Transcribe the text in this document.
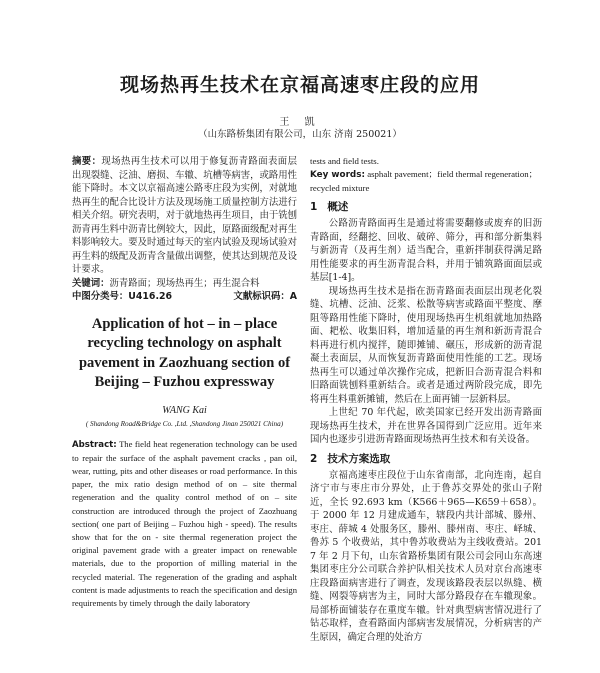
现场热再生技术在京福高速枣庄段的应用
王 凯
（山东路桥集团有限公司，山东 济南 250021）

摘要：现场热再生技术可以用于修复沥青路面表面层出现裂缝、泛油、磨损、车辙、坑槽等病害，或路用性能下降时。本文以京福高速公路枣庄段为实例，对就地热再生的配合比设计方法及现场施工质量控制方法进行相关介绍。研究表明，对于就地热再生项目，由于铣刨沥青再生料中沥青比例较大，因此，原路面级配对再生料影响较大。要及时通过每天的室内试验及现场试验对再生料的级配及沥青含量做出调整，使其达到规范及设计要求。

关键词：沥青路面；现场热再生；再生混合料
中图分类号：U416.26	文献标识码：A
Application of hot – in – place recycling technology on asphalt pavement in Zaozhuang section of Beijing – Fuzhou expressway
WANG Kai
( Shandong Road&Bridge Co. ,Ltd. ,Shandong Jinan 250021 China)

Abstract: The field heat regeneration technology can be used to repair the surface of the asphalt pavement cracks , pan oil, wear, rutting, pits and other diseases or road performance. In this paper, the mix ratio design method of on – site thermal regeneration and the quality control method of on – site construction are introduced through the project of Zaozhuang section( one part of Beijing – Fuzhou high - speed). The results show that for the on - site thermal regeneration project the original pavement grade with a greater impact on renewable materials, due to the proportion of milling material in the recycled material. The regeneration of the grading and asphalt content is made adjustments to reach the specification and design requirements by timely through the daily laboratory

tests and field tests.
Key words: asphalt pavement；field thermal regeneration；recycled mixture
1 概述

公路沥青路面再生是通过将需要翻修或废弃的旧沥青路面，经翻挖、回收、破碎、筛分，再和部分新集料与新沥青（及再生剂）适当配合，重新拌制获得满足路用性能要求的再生沥青混合料，并用于铺筑路面面层或基层[1-4]。

现场热再生技术是指在沥青路面表面层出现老化裂缝、坑槽、泛油、泛浆、松散等病害或路面平整度、摩阻等路用性能下降时，使用现场热再生机组就地加热路面、耙松、收集旧料，增加适量的再生剂和新沥青混合料再进行机内搅拌，随即摊铺、碾压，形成新的沥青混凝土表面层，从而恢复沥青路面使用性能的工艺。现场热再生可以通过单次操作完成，把新旧合沥青混合料和旧路面铣刨料重新结合。或者是通过两阶段完成，即先将再生料重新摊铺，然后在上面再铺一层新料层。

上世纪 70 年代起，欧美国家已经开发出沥青路面现场热再生技术，并在世界各国得到广泛应用。近年来国内也逐步引进沥青路面现场热再生技术和有关设备。

2 技术方案选取

京福高速枣庄段位于山东省南部，北向连南，起自济宁市与枣庄市分界处，止于鲁苏交界处的张山子附近，全长 92.693 km（K566＋965—K659＋658）。于 2000 年 12 月建成通车，辖段内共计部城、滕州、枣庄、薛城 4 处服务区，滕州、滕州南、枣庄、峄城、鲁苏 5 个收费站，其中鲁苏收费站为主线收费站。2017 年 2 月下旬，山东省路桥集团有限公司会同山东高速集团枣庄分公司联合养护队相关技术人员对京台高速枣庄段路面病害进行了调查，发现该路段表层以纵缝、横缝、网裂等病害为主，同时大部分路段存在车辙现象。局部桥面铺装存在重度车辙。针对典型病害情况进行了钻芯取样，查看路面内部病害发展情况，分析病害的产生原因，确定合理的处治方
